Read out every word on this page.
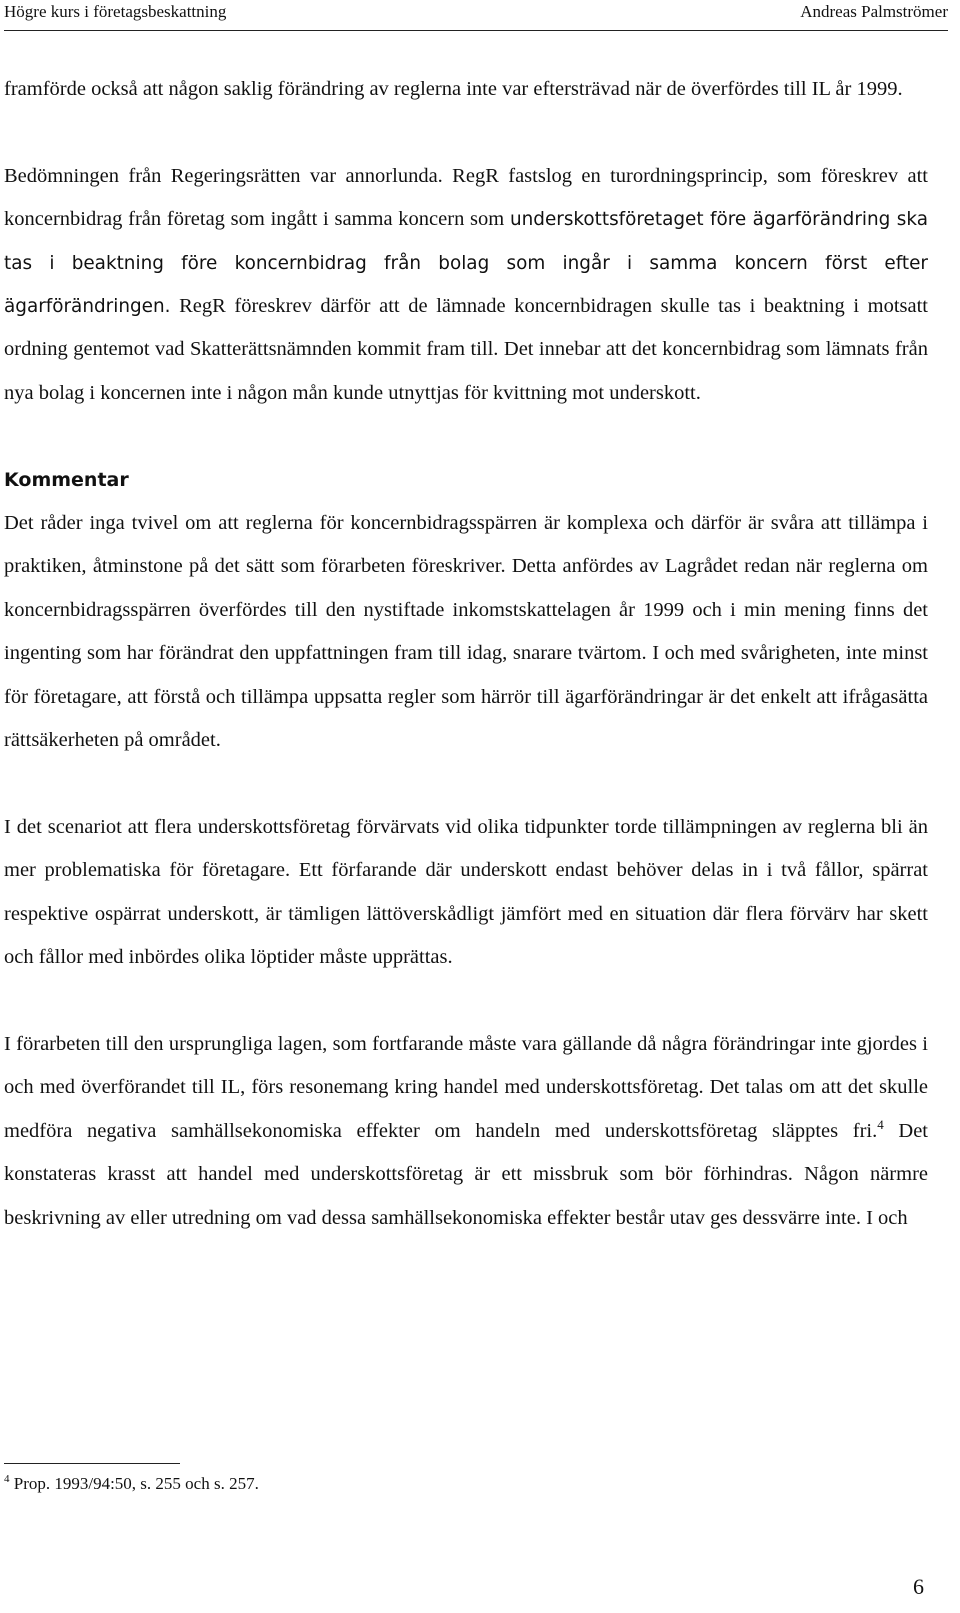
Högre kurs i företagsbeskattning	Andreas Palmströmer

framförde också att någon saklig förändring av reglerna inte var eftersträvad när de överfördes till IL år 1999.

Bedömningen från Regeringsrätten var annorlunda. RegR fastslog en turordningsprincip, som föreskrev att koncernbidrag från företag som ingått i samma koncern som underskottsföretaget före ägarförändring ska tas i beaktning före koncernbidrag från bolag som ingår i samma koncern först efter ägarförändringen. RegR föreskrev därför att de lämnade koncernbidragen skulle tas i beaktning i motsatt ordning gentemot vad Skatterättsnämnden kommit fram till. Det innebar att det koncernbidrag som lämnats från nya bolag i koncernen inte i någon mån kunde utnyttjas för kvittning mot underskott.

Kommentar

Det råder inga tvivel om att reglerna för koncernbidragsspärren är komplexa och därför är svåra att tillämpa i praktiken, åtminstone på det sätt som förarbeten föreskriver. Detta anfördes av Lagrådet redan när reglerna om koncernbidragsspärren överfördes till den nystiftade inkomstskattelagen år 1999 och i min mening finns det ingenting som har förändrat den uppfattningen fram till idag, snarare tvärtom. I och med svårigheten, inte minst för företagare, att förstå och tillämpa uppsatta regler som härrör till ägarförändringar är det enkelt att ifrågasätta rättsäkerheten på området.

I det scenariot att flera underskottsföretag förvärvats vid olika tidpunkter torde tillämpningen av reglerna bli än mer problematiska för företagare. Ett förfarande där underskott endast behöver delas in i två fållor, spärrat respektive ospärrat underskott, är tämligen lättöverskådligt jämfört med en situation där flera förvärv har skett och fållor med inbördes olika löptider måste upprättas.

I förarbeten till den ursprungliga lagen, som fortfarande måste vara gällande då några förändringar inte gjordes i och med överförandet till IL, förs resonemang kring handel med underskottsföretag. Det talas om att det skulle medföra negativa samhällsekonomiska effekter om handeln med underskottsföretag släpptes fri.$^4$ Det konstateras krasst att handel med underskottsföretag är ett missbruk som bör förhindras. Någon närmre beskrivning av eller utredning om vad dessa samhällsekonomiska effekter består utav ges dessvärre inte. I och

$^4$ Prop. 1993/94:50, s. 255 och s. 257.
6
